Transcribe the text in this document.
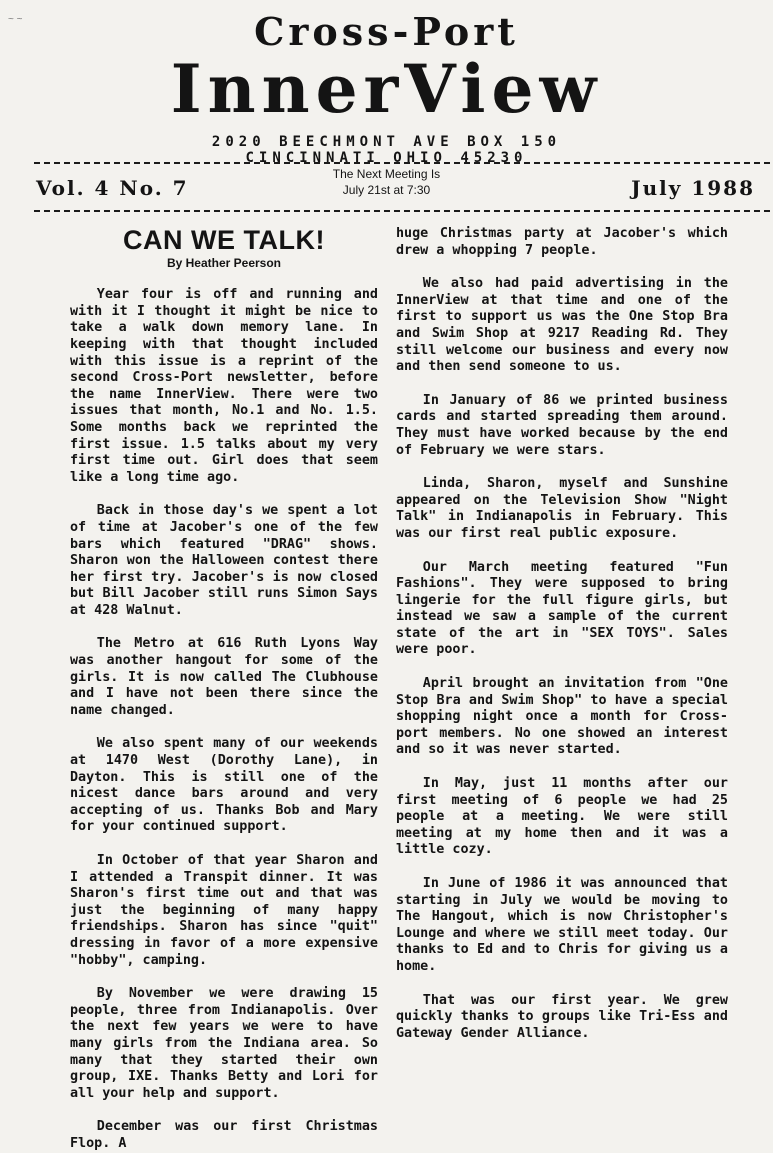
~ ~	Cross-Port
InnerView
2020 BEECHMONT AVE BOX 150
CINCINNATI OHIO 45230
Vol. 4 No. 7
The Next Meeting Is
July 21st at 7:30	July 1988
CAN WE TALK!
By Heather Peerson

Year four is off and running and with it I thought it might be nice to take a walk down memory lane. In keeping with that thought included with this issue is a reprint of the second Cross-Port newsletter, before the name InnerView. There were two issues that month, No.1 and No. 1.5. Some months back we reprinted the first issue. 1.5 talks about my very first time out. Girl does that seem like a long time ago.

Back in those day's we spent a lot of time at Jacober's one of the few bars which featured "DRAG" shows. Sharon won the Halloween contest there her first try. Jacober's is now closed but Bill Jacober still runs Simon Says at 428 Walnut.

The Metro at 616 Ruth Lyons Way was another hangout for some of the girls. It is now called The Clubhouse and I have not been there since the name changed.

We also spent many of our weekends at 1470 West (Dorothy Lane), in Dayton. This is still one of the nicest dance bars around and very accepting of us. Thanks Bob and Mary for your continued support.

In October of that year Sharon and I attended a Transpit dinner. It was Sharon's first time out and that was just the beginning of many happy friendships. Sharon has since "quit" dressing in favor of a more expensive "hobby", camping.

By November we were drawing 15 people, three from Indianapolis. Over the next few years we were to have many girls from the Indiana area. So many that they started their own group, IXE. Thanks Betty and Lori for all your help and support.

December was our first Christmas Flop. A

huge Christmas party at Jacober's which drew a whopping 7 people.

We also had paid advertising in the InnerView at that time and one of the first to support us was the One Stop Bra and Swim Shop at 9217 Reading Rd. They still welcome our business and every now and then send someone to us.

In January of 86 we printed business cards and started spreading them around. They must have worked because by the end of February we were stars.

Linda, Sharon, myself and Sunshine appeared on the Television Show "Night Talk" in Indianapolis in February. This was our first real public exposure.

Our March meeting featured "Fun Fashions". They were supposed to bring lingerie for the full figure girls, but instead we saw a sample of the current state of the art in "SEX TOYS". Sales were poor.

April brought an invitation from "One Stop Bra and Swim Shop" to have a special shopping night once a month for Cross-port members. No one showed an interest and so it was never started.

In May, just 11 months after our first meeting of 6 people we had 25 people at a meeting. We were still meeting at my home then and it was a little cozy.

In June of 1986 it was announced that starting in July we would be moving to The Hangout, which is now Christopher's Lounge and where we still meet today. Our thanks to Ed and to Chris for giving us a home.

That was our first year. We grew quickly thanks to groups like Tri-Ess and Gateway Gender Alliance.
